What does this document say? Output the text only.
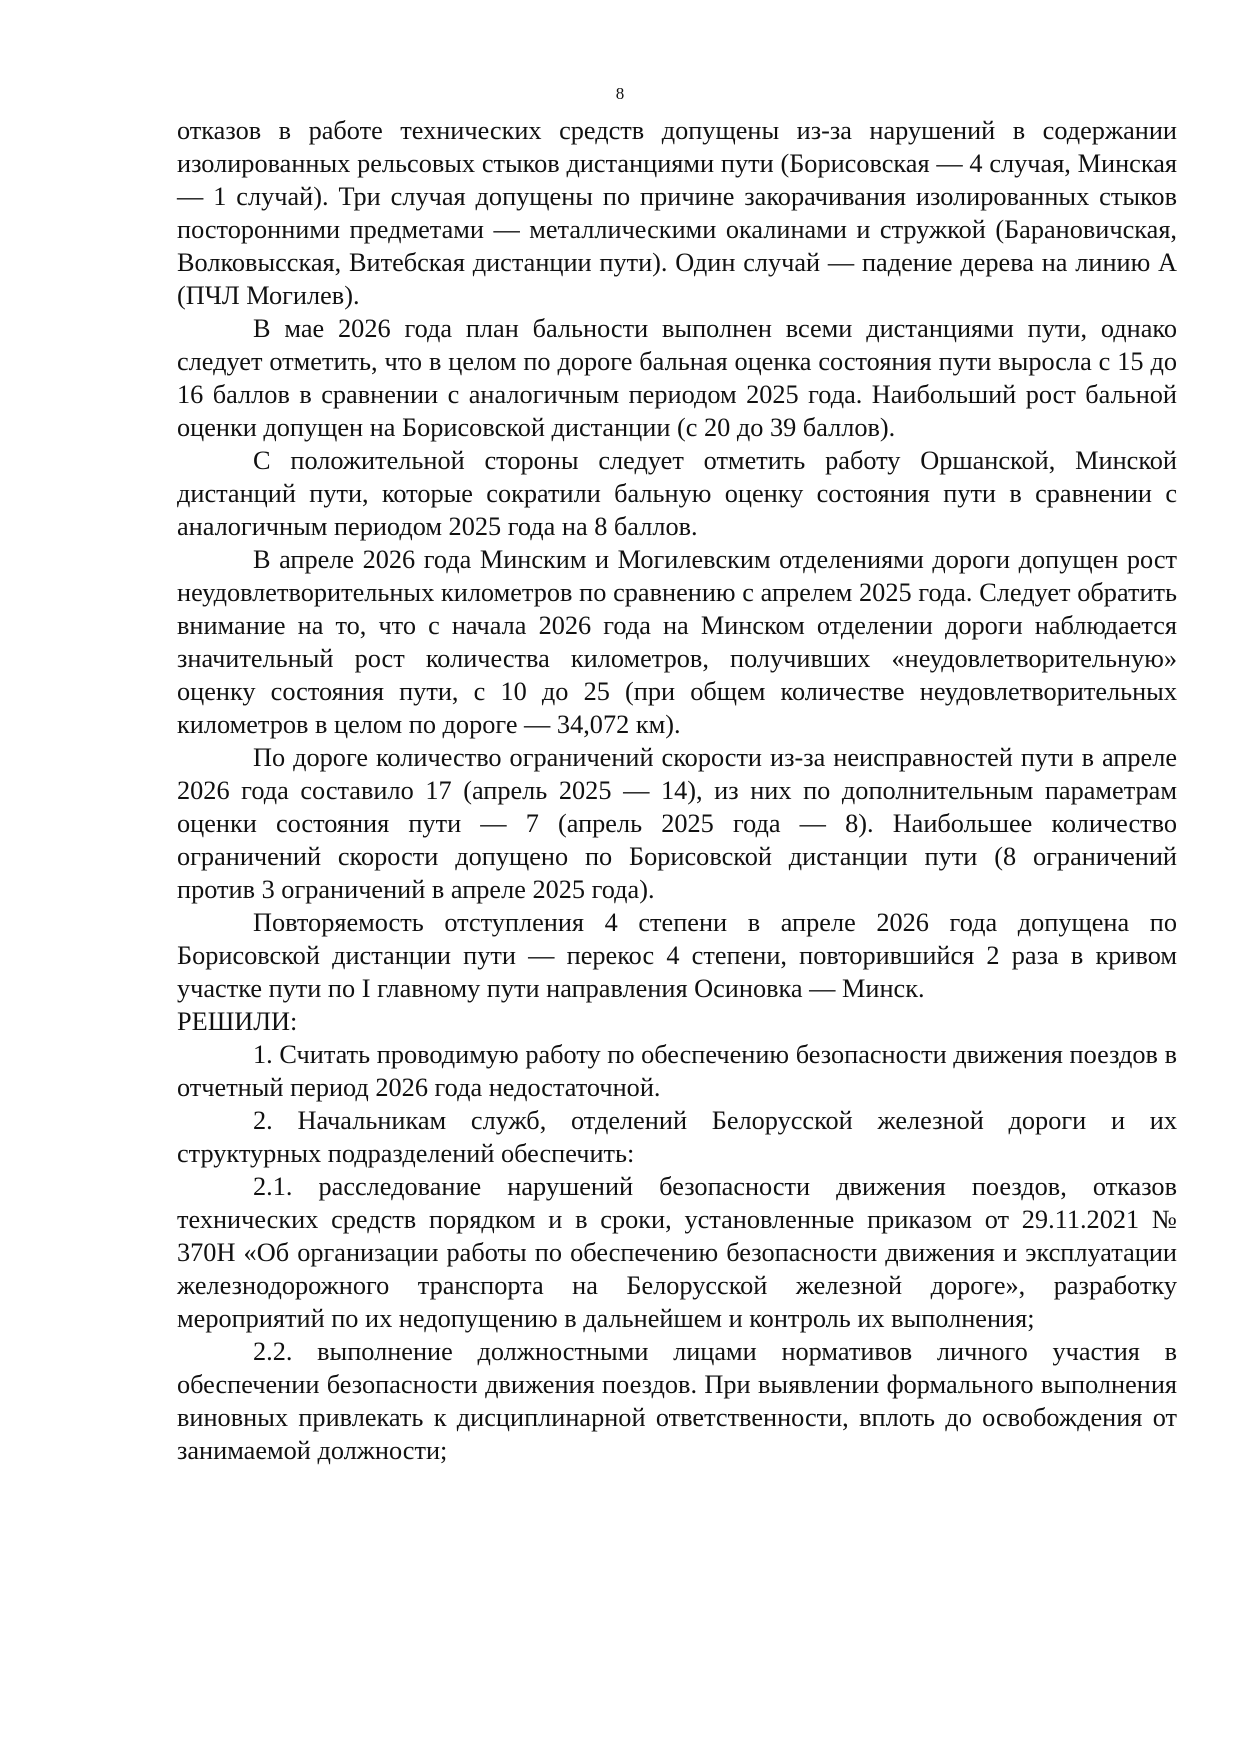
8

отказов в работе технических средств допущены из-за нарушений в содержании изолированных рельсовых стыков дистанциями пути (Борисовская — 4 случая, Минская — 1 случай). Три случая допущены по причине закорачивания изолированных стыков посторонними предметами — металлическими окалинами и стружкой (Барановичская, Волковысская, Витебская дистанции пути). Один случай — падение дерева на линию А (ПЧЛ Могилев).

В мае 2026 года план бальности выполнен всеми дистанциями пути, однако следует отметить, что в целом по дороге бальная оценка состояния пути выросла с 15 до 16 баллов в сравнении с аналогичным периодом 2025 года. Наибольший рост бальной оценки допущен на Борисовской дистанции (с 20 до 39 баллов).

С положительной стороны следует отметить работу Оршанской, Минской дистанций пути, которые сократили бальную оценку состояния пути в сравнении с аналогичным периодом 2025 года на 8 баллов.

В апреле 2026 года Минским и Могилевским отделениями дороги допущен рост неудовлетворительных километров по сравнению с апрелем 2025 года. Следует обратить внимание на то, что с начала 2026 года на Минском отделении дороги наблюдается значительный рост количества километров, получивших «неудовлетворительную» оценку состояния пути, с 10 до 25 (при общем количестве неудовлетворительных километров в целом по дороге — 34,072 км).

По дороге количество ограничений скорости из-за неисправностей пути в апреле 2026 года составило 17 (апрель 2025 — 14), из них по дополнительным параметрам оценки состояния пути — 7 (апрель 2025 года — 8). Наибольшее количество ограничений скорости допущено по Борисовской дистанции пути (8 ограничений против 3 ограничений в апреле 2025 года).

Повторяемость отступления 4 степени в апреле 2026 года допущена по Борисовской дистанции пути — перекос 4 степени, повторившийся 2 раза в кривом участке пути по I главному пути направления Осиновка — Минск.

РЕШИЛИ:

1. Считать проводимую работу по обеспечению безопасности движения поездов в отчетный период 2026 года недостаточной.

2. Начальникам служб, отделений Белорусской железной дороги и их структурных подразделений обеспечить:

2.1. расследование нарушений безопасности движения поездов, отказов технических средств порядком и в сроки, установленные приказом от 29.11.2021 № 370Н «Об организации работы по обеспечению безопасности движения и эксплуатации железнодорожного транспорта на Белорусской железной дороге», разработку мероприятий по их недопущению в дальнейшем и контроль их выполнения;

2.2. выполнение должностными лицами нормативов личного участия в обеспечении безопасности движения поездов. При выявлении формального выполнения виновных привлекать к дисциплинарной ответственности, вплоть до освобождения от занимаемой должности;
